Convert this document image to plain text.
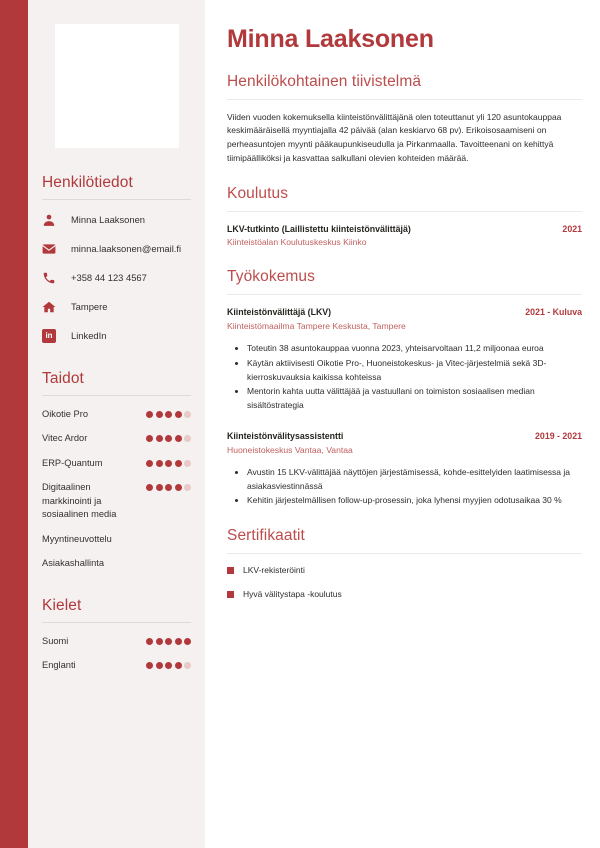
Henkilötiedot
Minna Laaksonen
minna.laaksonen@email.fi
+358 44 123 4567
Tampere
in	LinkedIn
Taidot
Oikotie Pro
Vitec Ardor
ERP-Quantum
Digitaalinen markkinointi ja sosiaalinen media
Myyntineuvottelu
Asiakashallinta
Kielet
Suomi
Englanti
Minna Laaksonen
Henkilökohtainen tiivistelmä

Viiden vuoden kokemuksella kiinteistönvälittäjänä olen toteuttanut yli 120 asuntokauppaa keskimääräisellä myyntiajalla 42 päivää (alan keskiarvo 68 pv). Erikoisosaamiseni on perheasuntojen myynti pääkaupunkiseudulla ja Pirkanmaalla. Tavoitteenani on kehittyä tiimipäälliköksi ja kasvattaa salkullani olevien kohteiden määrää.

Koulutus
LKV-tutkinto (Laillistettu kiinteistönvälittäjä)	2021
Kiinteistöalan Koulutuskeskus Kiinko
Työkokemus
Kiinteistönvälittäjä (LKV)	2021 - Kuluva
Kiinteistömaailma Tampere Keskusta, Tampere
• Toteutin 38 asuntokauppaa vuonna 2023, yhteisarvoltaan 11,2 miljoonaa euroa
• Käytän aktiivisesti Oikotie Pro-, Huoneistokeskus- ja Vitec-järjestelmiä sekä 3D-kierroskuvauksia kaikissa kohteissa
• Mentorin kahta uutta välittäjää ja vastuullani on toimiston sosiaalisen median sisältöstrategia
Kiinteistönvälitysassistentti	2019 - 2021
Huoneistokeskus Vantaa, Vantaa
• Avustin 15 LKV-välittäjää näyttöjen järjestämisessä, kohde-esittelyiden laatimisessa ja asiakasviestinnässä
• Kehitin järjestelmällisen follow-up-prosessin, joka lyhensi myyjien odotusaikaa 30 %
Sertifikaatit
LKV-rekisteröinti
Hyvä välitystapa -koulutus
